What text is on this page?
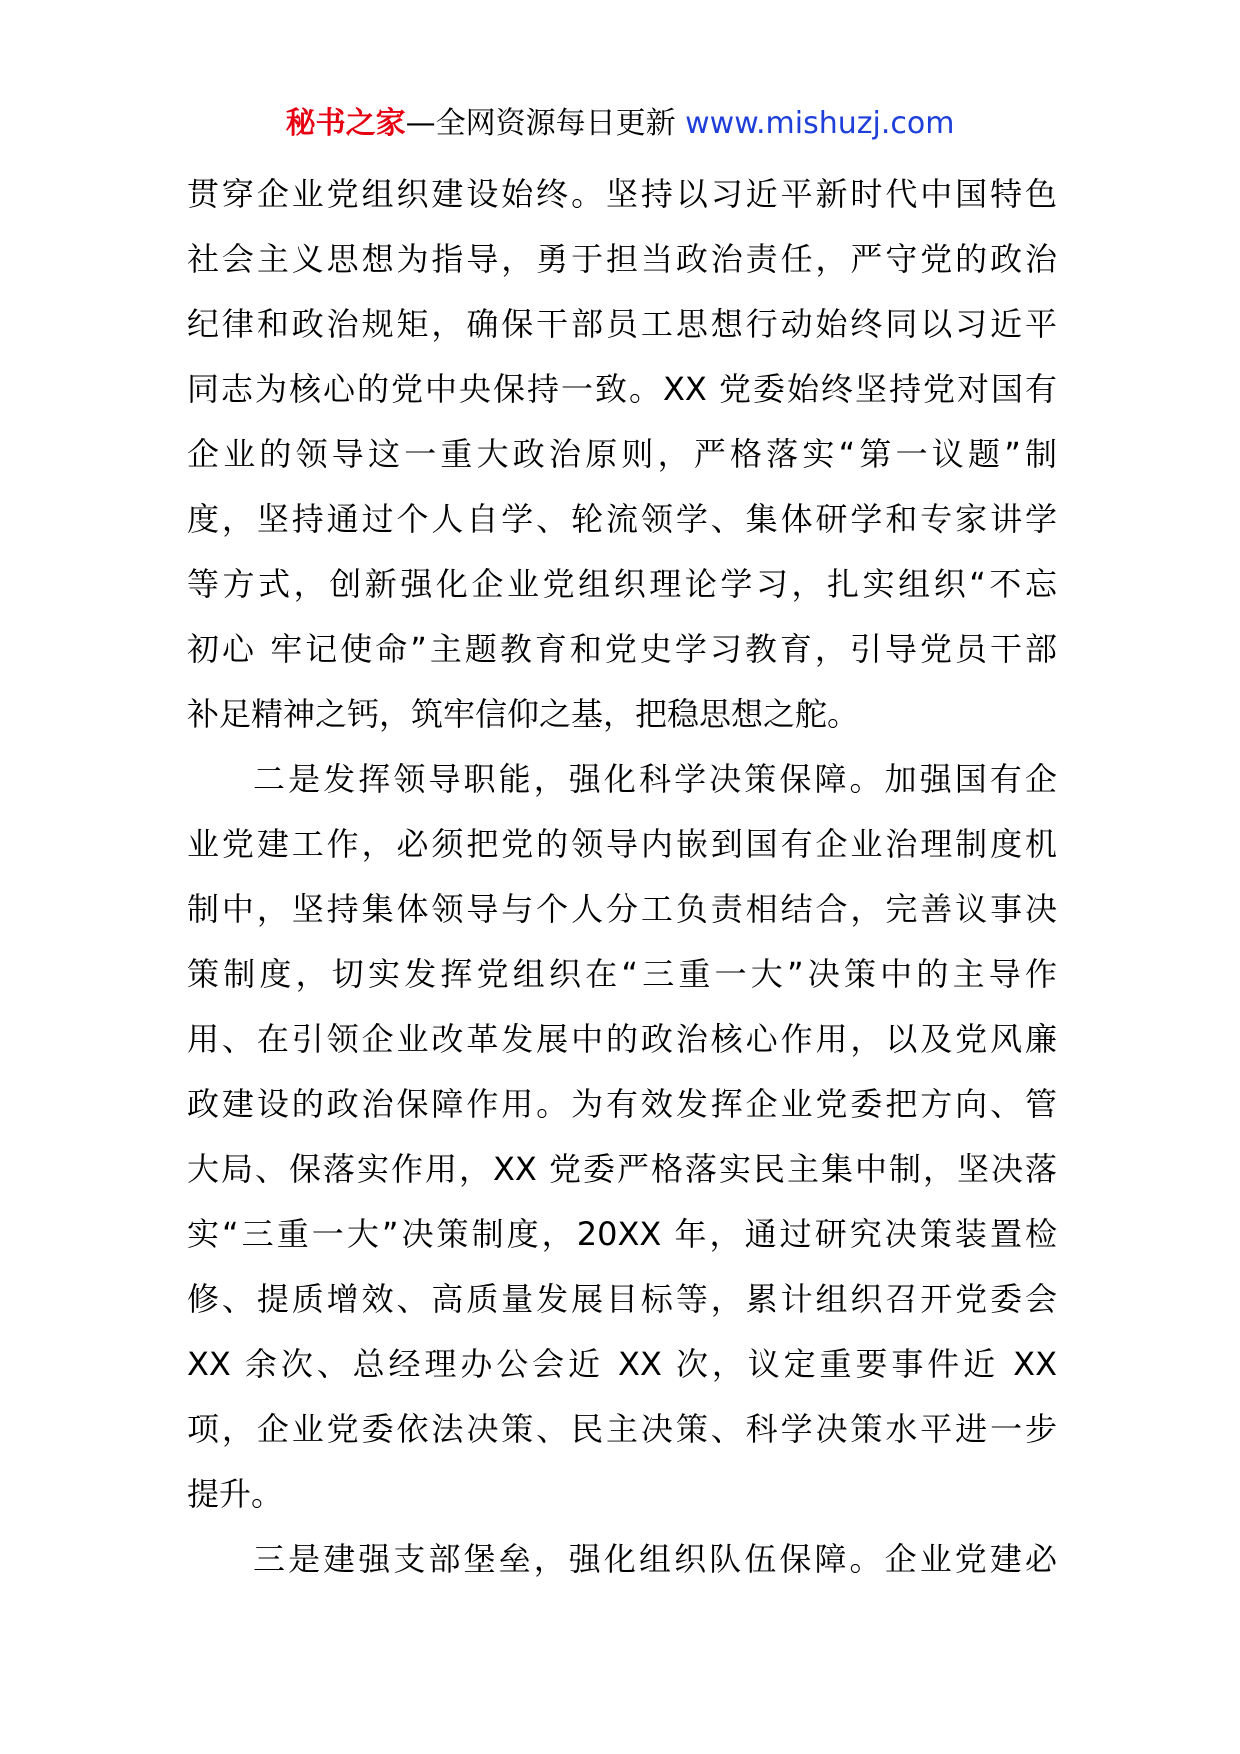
秘书之家—全网资源每日更新 www.mishuzj.com
贯穿企业党组织建设始终。坚持以习近平新时代中国特色
社会主义思想为指导，勇于担当政治责任，严守党的政治
纪律和政治规矩，确保干部员工思想行动始终同以习近平
同志为核心的党中央保持一致。XX 党委始终坚持党对国有
企业的领导这一重大政治原则，严格落实“第一议题”制
度，坚持通过个人自学、轮流领学、集体研学和专家讲学
等方式，创新强化企业党组织理论学习，扎实组织“不忘
初心 牢记使命”主题教育和党史学习教育，引导党员干部
补足精神之钙，筑牢信仰之基，把稳思想之舵。
二是发挥领导职能，强化科学决策保障。加强国有企
业党建工作，必须把党的领导内嵌到国有企业治理制度机
制中，坚持集体领导与个人分工负责相结合，完善议事决
策制度，切实发挥党组织在“三重一大”决策中的主导作
用、在引领企业改革发展中的政治核心作用，以及党风廉
政建设的政治保障作用。为有效发挥企业党委把方向、管
大局、保落实作用，XX 党委严格落实民主集中制，坚决落
实“三重一大”决策制度，20XX 年，通过研究决策装置检
修、提质增效、高质量发展目标等，累计组织召开党委会
XX 余次、总经理办公会近 XX 次，议定重要事件近 XX
项，企业党委依法决策、民主决策、科学决策水平进一步
提升。
三是建强支部堡垒，强化组织队伍保障。企业党建必
